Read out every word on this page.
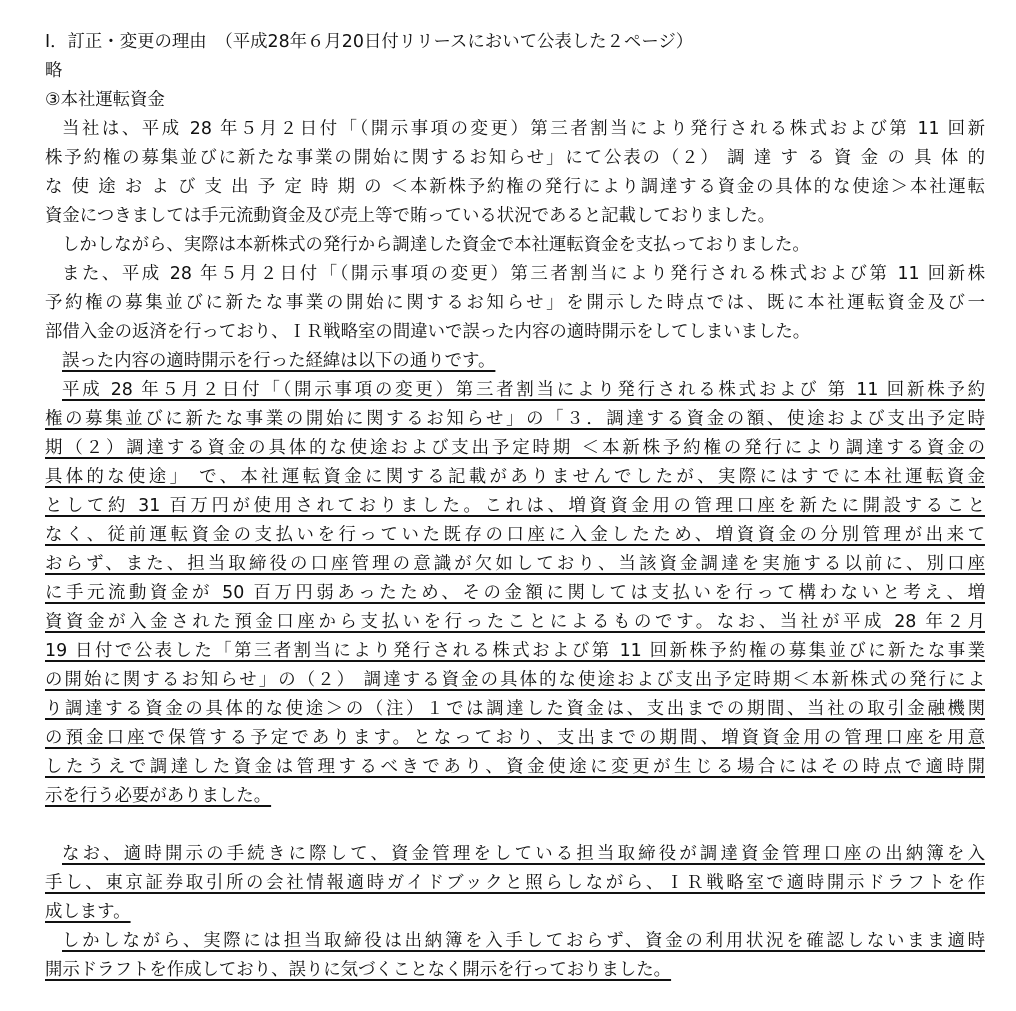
Ⅰ．訂正・変更の理由　（平成28年６月20日付リリースにおいて公表した２ページ）
略
③本社運転資金
当社は、平成 28 年５月２日付「（開示事項の変更）第三者割当により発行される株式および第 11 回新
株予約権の募集並びに新たな事業の開始に関するお知らせ」にて公表の（２） 調 達 す る 資 金 の 具 体 的
な 使 途 お よ び 支 出 予 定 時 期 の ＜本新株予約権の発行により調達する資金の具体的な使途＞本社運転
資金につきましては手元流動資金及び売上等で賄っている状況であると記載しておりました。
しかしながら、実際は本新株式の発行から調達した資金で本社運転資金を支払っておりました。
また、平成 28 年５月２日付「（開示事項の変更）第三者割当により発行される株式および第 11 回新株
予約権の募集並びに新たな事業の開始に関するお知らせ」を開示した時点では、既に本社運転資金及び一
部借入金の返済を行っており、ＩＲ戦略室の間違いで誤った内容の適時開示をしてしまいました。
誤った内容の適時開示を行った経緯は以下の通りです。
平成 28 年５月２日付「（開示事項の変更）第三者割当により発行される株式および 第 11 回新株予約
権の募集並びに新たな事業の開始に関するお知らせ」の「３．調達する資金の額、使途および支出予定時
期（２）調達する資金の具体的な使途および支出予定時期 ＜本新株予約権の発行により調達する資金の
具体的な使途」 で、本社運転資金に関する記載がありませんでしたが、実際にはすでに本社運転資金
として約 31 百万円が使用されておりました。これは、増資資金用の管理口座を新たに開設すること
なく、従前運転資金の支払いを行っていた既存の口座に入金したため、増資資金の分別管理が出来て
おらず、また、担当取締役の口座管理の意識が欠如しており、当該資金調達を実施する以前に、別口座
に手元流動資金が 50 百万円弱あったため、その金額に関しては支払いを行って構わないと考え、増
資資金が入金された預金口座から支払いを行ったことによるものです。なお、当社が平成 28 年２月
19 日付で公表した「第三者割当により発行される株式および第 11 回新株予約権の募集並びに新たな事業
の開始に関するお知らせ」の（２） 調達する資金の具体的な使途および支出予定時期＜本新株式の発行によ
り調達する資金の具体的な使途＞の（注）１では調達した資金は、支出までの期間、当社の取引金融機関
の預金口座で保管する予定であります。となっており、支出までの期間、増資資金用の管理口座を用意
したうえで調達した資金は管理するべきであり、資金使途に変更が生じる場合にはその時点で適時開
示を行う必要がありました。
なお、適時開示の手続きに際して、資金管理をしている担当取締役が調達資金管理口座の出納簿を入
手し、東京証券取引所の会社情報適時ガイドブックと照らしながら、ＩＲ戦略室で適時開示ドラフトを作
成します。
しかしながら、実際には担当取締役は出納簿を入手しておらず、資金の利用状況を確認しないまま適時
開示ドラフトを作成しており、誤りに気づくことなく開示を行っておりました。
